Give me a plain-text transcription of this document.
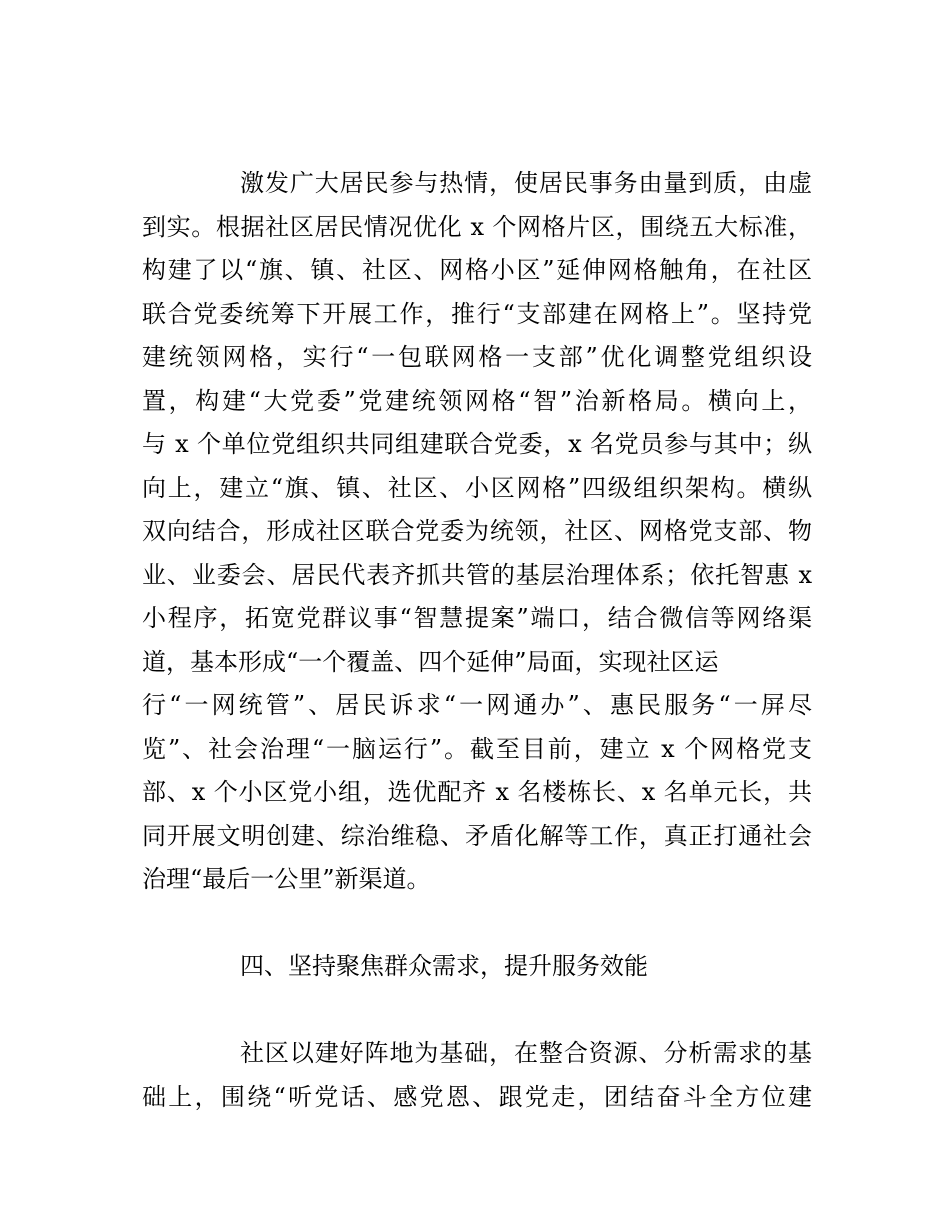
激发广大居民参与热情，使居民事务由量到质，由虚
到实。根据社区居民情况优化 x 个网格片区，围绕五大标准，
构建了以“旗、镇、社区、网格小区”延伸网格触角，在社区
联合党委统筹下开展工作，推行“支部建在网格上”。坚持党
建统领网格，实行“一包联网格一支部”优化调整党组织设
置，构建“大党委”党建统领网格“智”治新格局。横向上，
与 x 个单位党组织共同组建联合党委，x 名党员参与其中；纵
向上，建立“旗、镇、社区、小区网格”四级组织架构。横纵
双向结合，形成社区联合党委为统领，社区、网格党支部、物
业、业委会、居民代表齐抓共管的基层治理体系；依托智惠 x
小程序，拓宽党群议事“智慧提案”端口，结合微信等网络渠
道，基本形成“一个覆盖、四个延伸”局面，实现社区运
行“一网统管”、居民诉求“一网通办”、惠民服务“一屏尽
览”、社会治理“一脑运行”。截至目前，建立 x 个网格党支
部、x 个小区党小组，选优配齐 x 名楼栋长、x 名单元长，共
同开展文明创建、综治维稳、矛盾化解等工作，真正打通社会
治理“最后一公里”新渠道。
四、坚持聚焦群众需求，提升服务效能
社区以建好阵地为基础，在整合资源、分析需求的基
础上，围绕“听党话、感党恩、跟党走，团结奋斗全方位建
